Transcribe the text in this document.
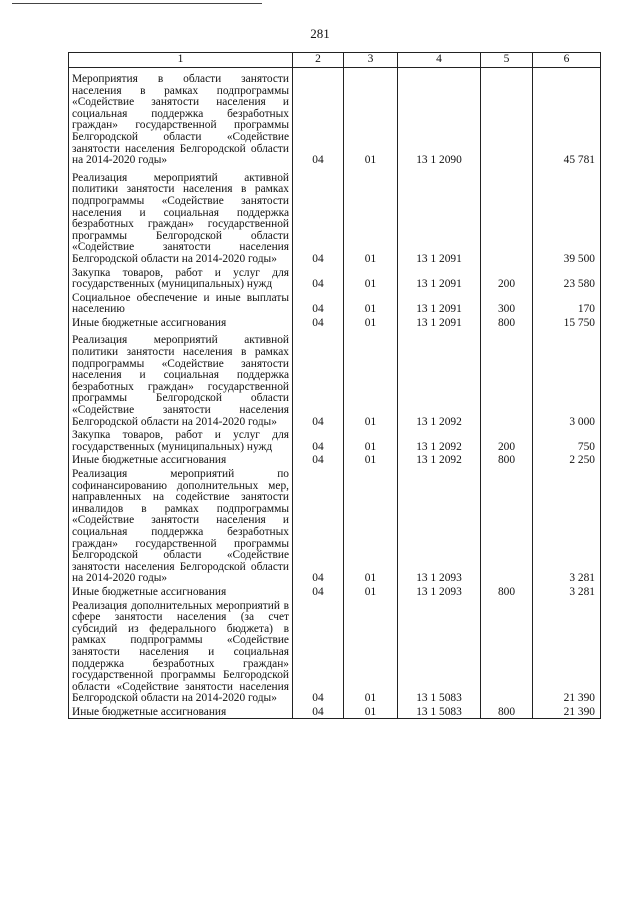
281
1	2	3	4	5	6

Мероприятия в области занятости населения в рамках подпрограммы «Содействие занятости населения и социальная поддержка безработных граждан» государственной программы Белгородской области «Содействие занятости населения Белгородской области на 2014-2020 годы»	04	01	13 1 2090		45 781

Реализация мероприятий активной политики занятости населения в рамках подпрограммы «Содействие занятости населения и социальная поддержка безработных граждан» государственной программы Белгородской области «Содействие занятости населения Белгородской области на 2014-2020 годы»	04	01	13 1 2091		39 500
Закупка товаров, работ и услуг для государственных (муниципальных) нужд	04	01	13 1 2091	200	23 580
Социальное обеспечение и иные выплаты населению	04	01	13 1 2091	300	170
Иные бюджетные ассигнования	04	01	13 1 2091	800	15 750

Реализация мероприятий активной политики занятости населения в рамках подпрограммы «Содействие занятости населения и социальная поддержка безработных граждан» государственной программы Белгородской области «Содействие занятости населения Белгородской области на 2014-2020 годы»	04	01	13 1 2092		3 000
Закупка товаров, работ и услуг для государственных (муниципальных) нужд	04	01	13 1 2092	200	750
Иные бюджетные ассигнования	04	01	13 1 2092	800	2 250
Реализация мероприятий по софинансированию дополнительных мер, направленных на содействие занятости инвалидов в рамках подпрограммы «Содействие занятости населения и социальная поддержка безработных граждан» государственной программы Белгородской области «Содействие занятости населения Белгородской области на 2014-2020 годы»	04	01	13 1 2093		3 281
Иные бюджетные ассигнования	04	01	13 1 2093	800	3 281
Реализация дополнительных мероприятий в сфере занятости населения (за счет субсидий из федерального бюджета) в рамках подпрограммы «Содействие занятости населения и социальная поддержка безработных граждан» государственной программы Белгородской области «Содействие занятости населения Белгородской области на 2014-2020 годы»	04	01	13 1 5083		21 390
Иные бюджетные ассигнования	04	01	13 1 5083	800	21 390
